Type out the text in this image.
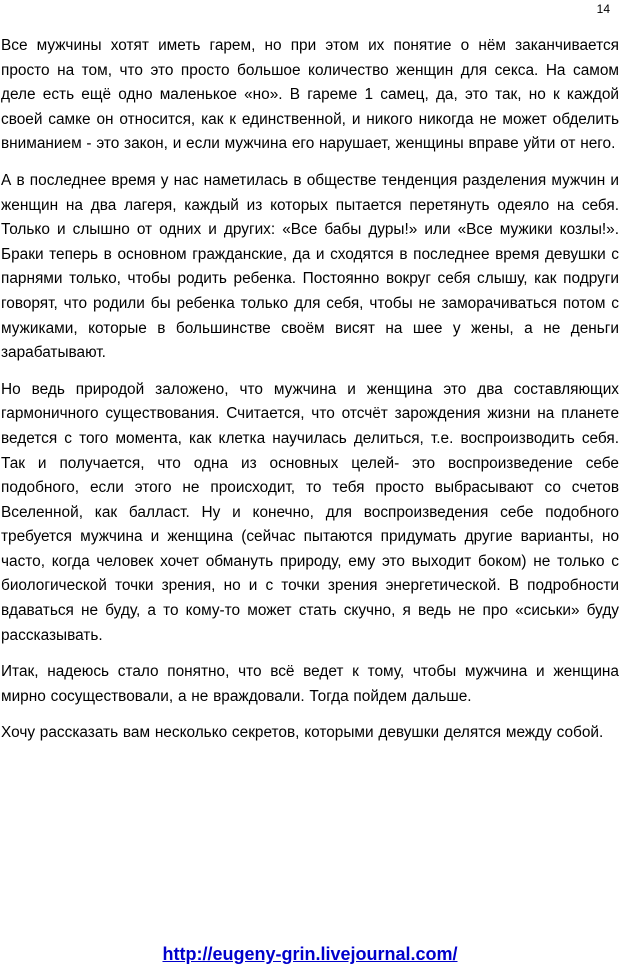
14

Все мужчины хотят иметь гарем, но при этом их понятие о нём заканчивается просто на том, что это просто большое количество женщин для секса. На самом деле есть ещё одно маленькое «но». В гареме 1 самец, да, это так, но к каждой своей самке он относится, как к единственной, и никого никогда не может обделить вниманием - это закон, и если мужчина его нарушает, женщины вправе уйти от него.

А в последнее время у нас наметилась в обществе тенденция разделения мужчин и женщин на два лагеря, каждый из которых пытается перетянуть одеяло на себя. Только и слышно от одних и других: «Все бабы дуры!» или «Все мужики козлы!». Браки теперь в основном гражданские, да и сходятся в последнее время девушки с парнями только, чтобы родить ребенка. Постоянно вокруг себя слышу, как подруги говорят, что родили бы ребенка только для себя, чтобы не заморачиваться потом с мужиками, которые в большинстве своём висят на шее у жены, а не деньги зарабатывают.

Но ведь природой заложено, что мужчина и женщина это два составляющих гармоничного существования. Считается, что отсчёт зарождения жизни на планете ведется с того момента, как клетка научилась делиться, т.е. воспроизводить себя. Так и получается, что одна из основных целей- это воспроизведение себе подобного, если этого не происходит, то тебя просто выбрасывают со счетов Вселенной, как балласт. Ну и конечно, для воспроизведения себе подобного требуется мужчина и женщина (сейчас пытаются придумать другие варианты, но часто, когда человек хочет обмануть природу, ему это выходит боком) не только с биологической точки зрения, но и с точки зрения энергетической. В подробности вдаваться не буду, а то кому-то может стать скучно, я ведь не про «сиськи» буду рассказывать.

Итак, надеюсь стало понятно, что всё ведет к тому, чтобы мужчина и женщина мирно сосуществовали, а не враждовали. Тогда пойдем дальше.

Хочу рассказать вам несколько секретов, которыми девушки делятся между собой.

http://eugeny-grin.livejournal.com/
